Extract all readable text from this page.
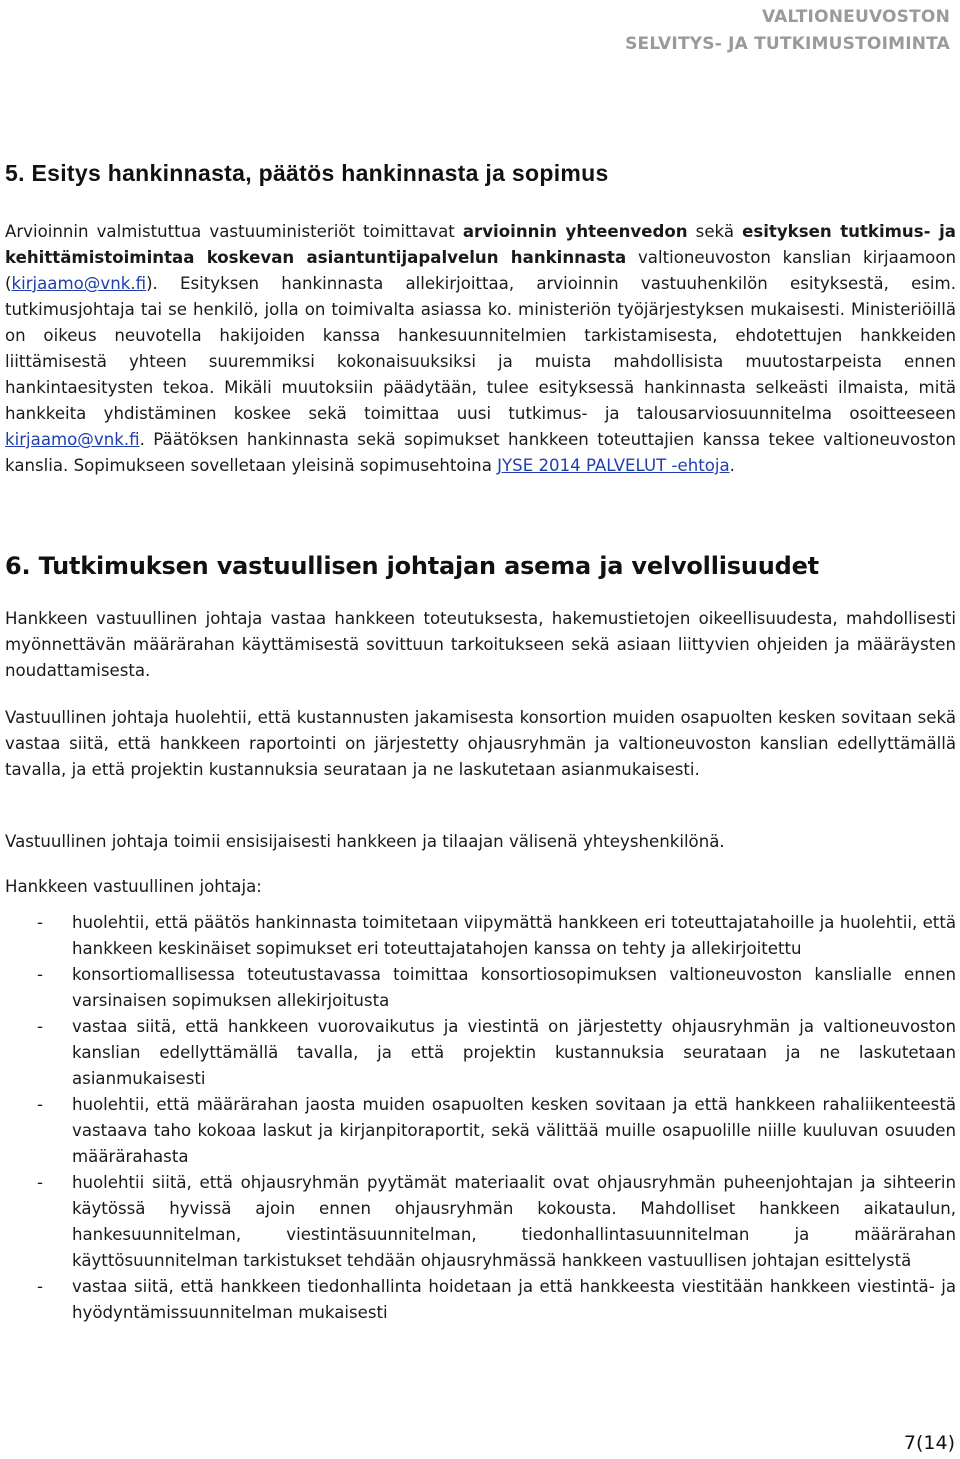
VALTIONEUVOSTON
SELVITYS- JA TUTKIMUSTOIMINTA
5. Esitys hankinnasta, päätös hankinnasta ja sopimus

Arvioinnin valmistuttua vastuuministeriöt toimittavat arvioinnin yhteenvedon sekä esityksen tutkimus- ja kehittämistoimintaa koskevan asiantuntijapalvelun hankinnasta valtioneuvoston kanslian kirjaamoon (kirjaamo@vnk.fi). Esityksen hankinnasta allekirjoittaa, arvioinnin vastuuhenkilön esityksestä, esim. tutkimusjohtaja tai se henkilö, jolla on toimivalta asiassa ko. ministeriön työjärjestyksen mukaisesti. Ministeriöillä on oikeus neuvotella hakijoiden kanssa hankesuunnitelmien tarkistamisesta, ehdotettujen hankkeiden liittämisestä yhteen suuremmiksi kokonaisuuksiksi ja muista mahdollisista muutostarpeista ennen hankintaesitysten tekoa. Mikäli muutoksiin päädytään, tulee esityksessä hankinnasta selkeästi ilmaista, mitä hankkeita yhdistäminen koskee sekä toimittaa uusi tutkimus- ja talousarviosuunnitelma osoitteeseen kirjaamo@vnk.fi. Päätöksen hankinnasta sekä sopimukset hankkeen toteuttajien kanssa tekee valtioneuvoston kanslia. Sopimukseen sovelletaan yleisinä sopimusehtoina JYSE 2014 PALVELUT -ehtoja.

6. Tutkimuksen vastuullisen johtajan asema ja velvollisuudet

Hankkeen vastuullinen johtaja vastaa hankkeen toteutuksesta, hakemustietojen oikeellisuudesta, mahdollisesti myönnettävän määrärahan käyttämisestä sovittuun tarkoitukseen sekä asiaan liittyvien ohjeiden ja määräysten noudattamisesta.

Vastuullinen johtaja huolehtii, että kustannusten jakamisesta konsortion muiden osapuolten kesken sovitaan sekä vastaa siitä, että hankkeen raportointi on järjestetty ohjausryhmän ja valtioneuvoston kanslian edellyttämällä tavalla, ja että projektin kustannuksia seurataan ja ne laskutetaan asianmukaisesti.

Vastuullinen johtaja toimii ensisijaisesti hankkeen ja tilaajan välisenä yhteyshenkilönä.

Hankkeen vastuullinen johtaja:

- huolehtii, että päätös hankinnasta toimitetaan viipymättä hankkeen eri toteuttajatahoille ja huolehtii, että hankkeen keskinäiset sopimukset eri toteuttajatahojen kanssa on tehty ja allekirjoitettu
- konsortiomallisessa toteutustavassa toimittaa konsortiosopimuksen valtioneuvoston kanslialle ennen varsinaisen sopimuksen allekirjoitusta
- vastaa siitä, että hankkeen vuorovaikutus ja viestintä on järjestetty ohjausryhmän ja valtioneuvoston kanslian edellyttämällä tavalla, ja että projektin kustannuksia seurataan ja ne laskutetaan asianmukaisesti
- huolehtii, että määrärahan jaosta muiden osapuolten kesken sovitaan ja että hankkeen rahaliikenteestä vastaava taho kokoaa laskut ja kirjanpitoraportit, sekä välittää muille osapuolille niille kuuluvan osuuden määrärahasta
- huolehtii siitä, että ohjausryhmän pyytämät materiaalit ovat ohjausryhmän puheenjohtajan ja sihteerin käytössä hyvissä ajoin ennen ohjausryhmän kokousta. Mahdolliset hankkeen aikataulun, hankesuunnitelman, viestintäsuunnitelman, tiedonhallintasuunnitelman ja määrärahan käyttösuunnitelman tarkistukset tehdään ohjausryhmässä hankkeen vastuullisen johtajan esittelystä
- vastaa siitä, että hankkeen tiedonhallinta hoidetaan ja että hankkeesta viestitään hankkeen viestintä- ja hyödyntämissuunnitelman mukaisesti
7(14)
